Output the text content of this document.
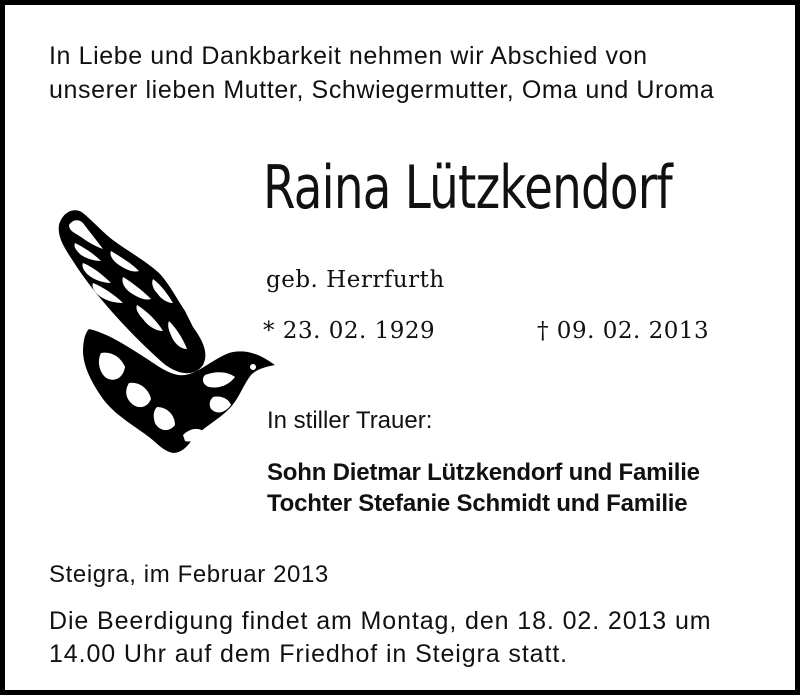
In Liebe und Dankbarkeit nehmen wir Abschied von
unserer lieben Mutter, Schwiegermutter, Oma und Uroma
Raina Lützkendorf
geb. Herrfurth
* 23. 02. 1929	† 09. 02. 2013
In stiller Trauer:
Sohn Dietmar Lützkendorf und Familie
Tochter Stefanie Schmidt und Familie
Steigra, im Februar 2013
Die Beerdigung findet am Montag, den 18. 02. 2013 um
14.00 Uhr auf dem Friedhof in Steigra statt.
